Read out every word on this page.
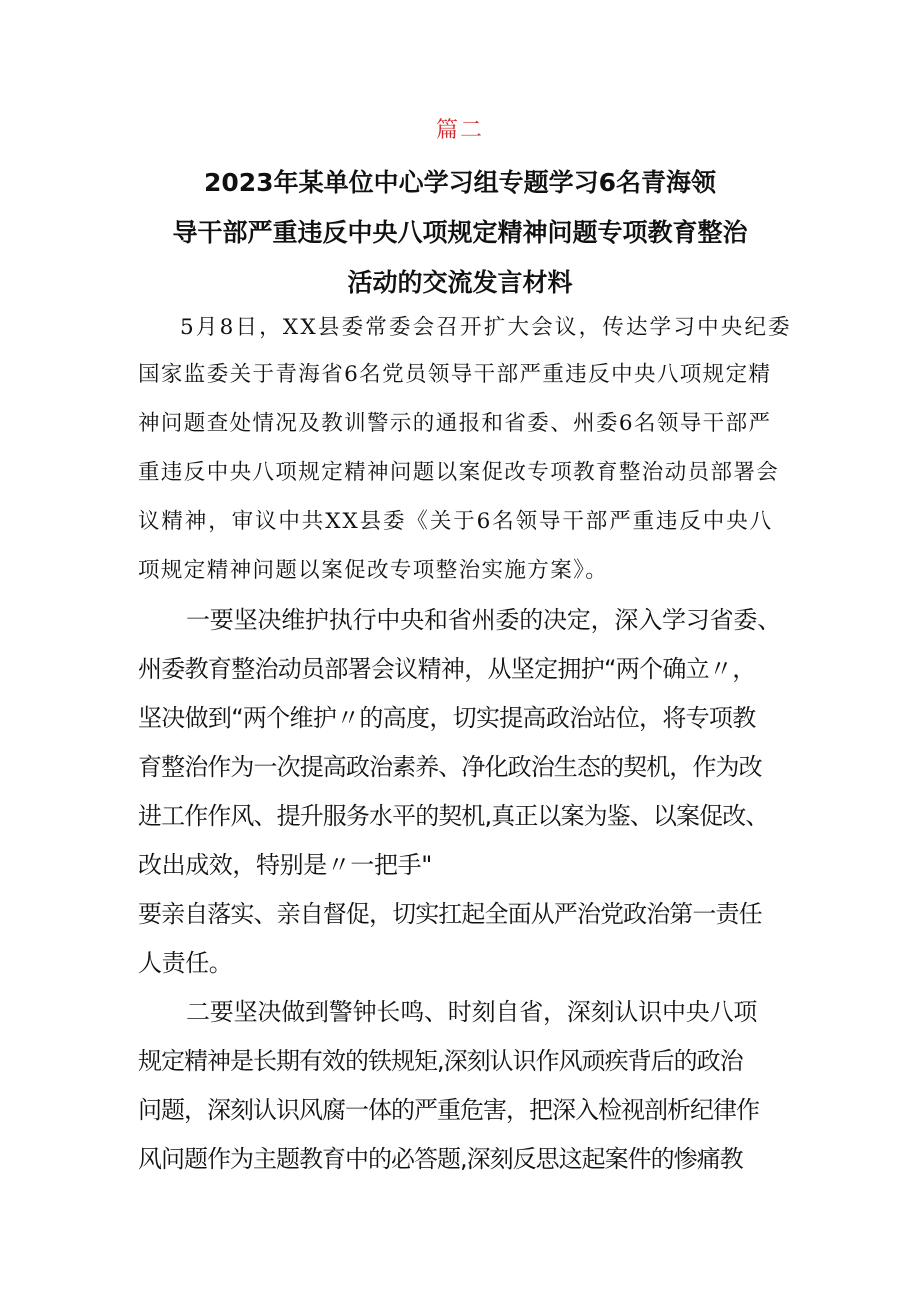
篇二
2023年某单位中心学习组专题学习6名青海领
导干部严重违反中央八项规定精神问题专项教育整治
活动的交流发言材料
5月8日，XX县委常委会召开扩大会议，传达学习中央纪委
国家监委关于青海省6名党员领导干部严重违反中央八项规定精
神问题查处情况及教训警示的通报和省委、州委6名领导干部严
重违反中央八项规定精神问题以案促改专项教育整治动员部署会
议精神，审议中共XX县委《关于6名领导干部严重违反中央八
项规定精神问题以案促改专项整治实施方案》。
一要坚决维护执行中央和省州委的决定，深入学习省委、
州委教育整治动员部署会议精神，从坚定拥护“两个确立〃，
坚决做到“两个维护〃的高度，切实提高政治站位，将专项教
育整治作为一次提高政治素养、净化政治生态的契机，作为改
进工作作风、提升服务水平的契机,真正以案为鉴、以案促改、
改出成效，特别是〃一把手"
要亲自落实、亲自督促，切实扛起全面从严治党政治第一责任
人责任。
二要坚决做到警钟长鸣、时刻自省，深刻认识中央八项
规定精神是长期有效的铁规矩,深刻认识作风顽疾背后的政治
问题，深刻认识风腐一体的严重危害，把深入检视剖析纪律作
风问题作为主题教育中的必答题,深刻反思这起案件的惨痛教
